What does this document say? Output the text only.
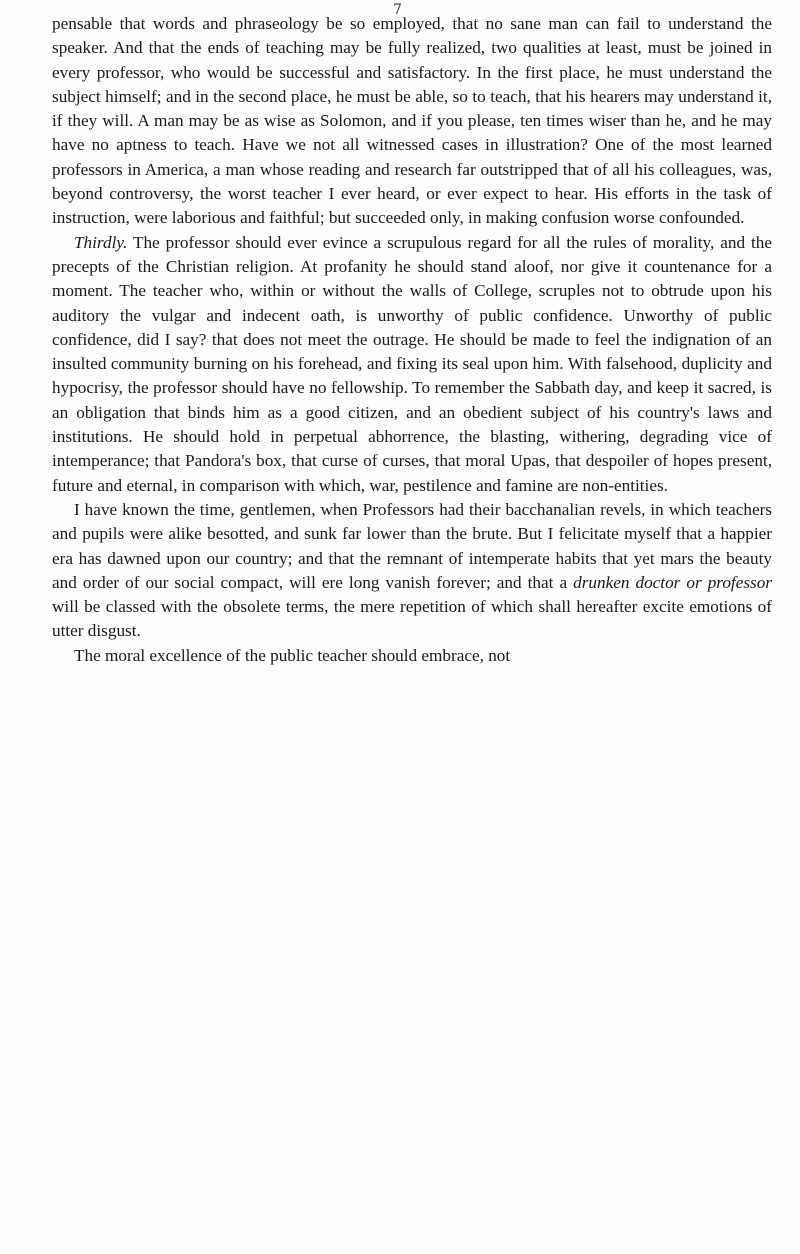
7

pensable that words and phraseology be so employed, that no sane man can fail to understand the speaker. And that the ends of teaching may be fully realized, two qualities at least, must be joined in every professor, who would be successful and satisfactory. In the first place, he must understand the subject himself; and in the second place, he must be able, so to teach, that his hearers may understand it, if they will. A man may be as wise as Solomon, and if you please, ten times wiser than he, and he may have no aptness to teach. Have we not all witnessed cases in illustration? One of the most learned professors in America, a man whose reading and research far outstripped that of all his colleagues, was, beyond controversy, the worst teacher I ever heard, or ever expect to hear. His efforts in the task of instruction, were laborious and faithful; but succeeded only, in making confusion worse confounded.

Thirdly. The professor should ever evince a scrupulous regard for all the rules of morality, and the precepts of the Christian religion. At profanity he should stand aloof, nor give it countenance for a moment. The teacher who, within or without the walls of College, scruples not to obtrude upon his auditory the vulgar and indecent oath, is unworthy of public confidence. Unworthy of public confidence, did I say? that does not meet the outrage. He should be made to feel the indignation of an insulted community burning on his forehead, and fixing its seal upon him. With falsehood, duplicity and hypocrisy, the professor should have no fellowship. To remember the Sabbath day, and keep it sacred, is an obligation that binds him as a good citizen, and an obedient subject of his country's laws and institutions. He should hold in perpetual abhorrence, the blasting, withering, degrading vice of intemperance; that Pandora's box, that curse of curses, that moral Upas, that despoiler of hopes present, future and eternal, in comparison with which, war, pestilence and famine are non-entities.

I have known the time, gentlemen, when Professors had their bacchanalian revels, in which teachers and pupils were alike besotted, and sunk far lower than the brute. But I felicitate myself that a happier era has dawned upon our country; and that the remnant of intemperate habits that yet mars the beauty and order of our social compact, will ere long vanish forever; and that a drunken doctor or professor will be classed with the obsolete terms, the mere repetition of which shall hereafter excite emotions of utter disgust.

The moral excellence of the public teacher should embrace, not
